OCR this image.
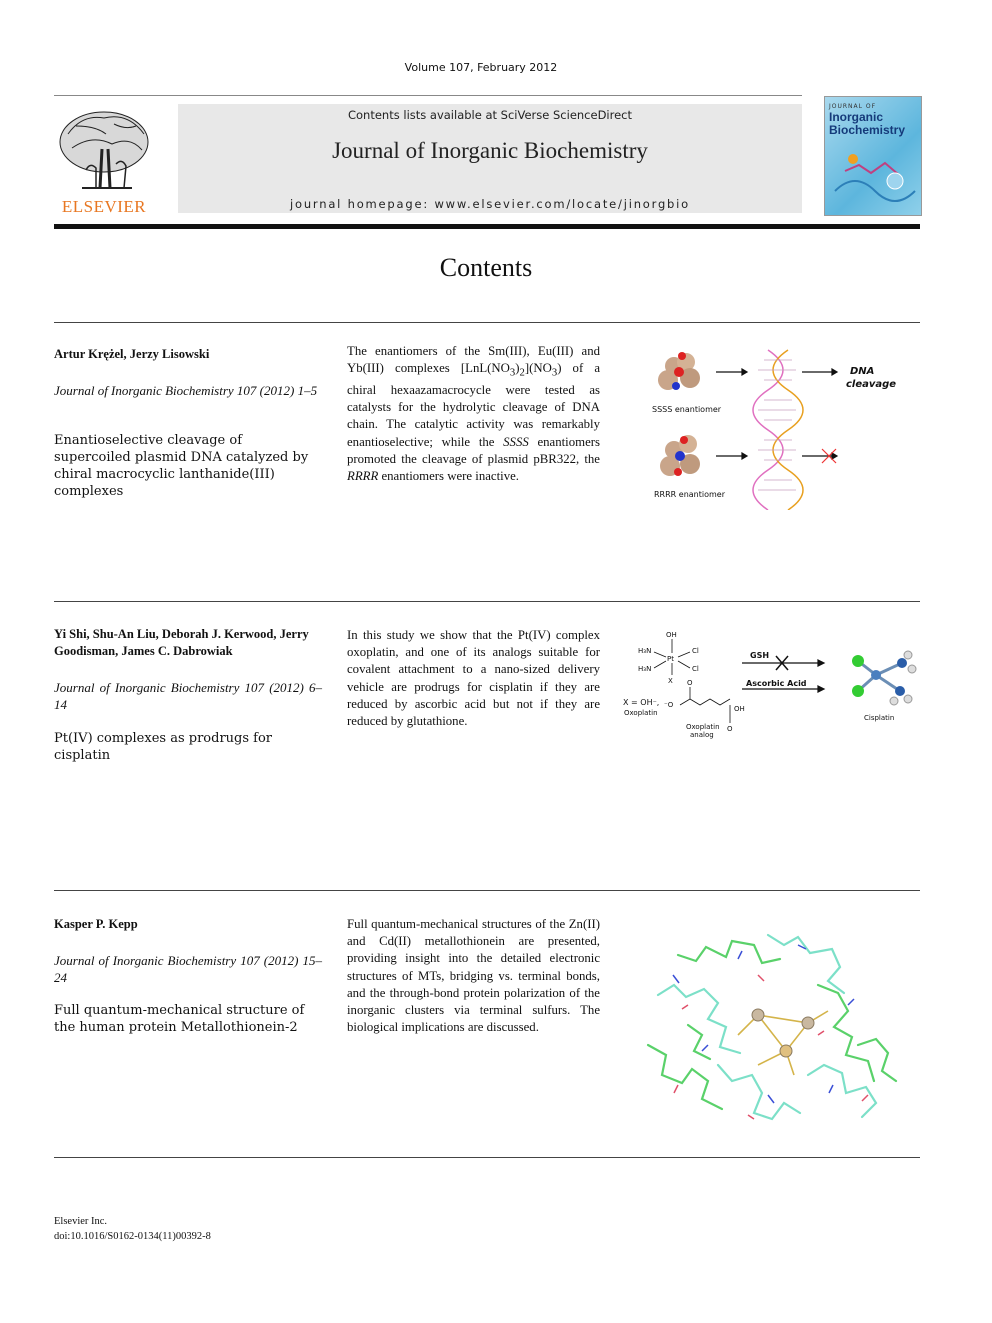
Volume 107, February 2012
ELSEVIER
Contents lists available at SciVerse ScienceDirect
Journal of Inorganic Biochemistry
journal homepage: www.elsevier.com/locate/jinorgbio
JOURNAL OF
Inorganic
Biochemistry
Contents
Artur Krężel, Jerzy Lisowski
Journal of Inorganic Biochemistry 107 (2012) 1–5
Enantioselective cleavage of supercoiled plasmid DNA catalyzed by chiral macrocyclic lanthanide(III) complexes
The enantiomers of the Sm(III), Eu(III) and Yb(III) complexes $[LnL(NO_3)_2](NO_3)$ of a chiral hexaazamacrocycle were tested as catalysts for the hydrolytic cleavage of DNA chain. The catalytic activity was remarkably enantioselective; while the SSSS enantiomers promoted the cleavage of plasmid pBR322, the RRRR enantiomers were inactive.
SSSS enantiomer
RRRR enantiomer
DNA
cleavage
Yi Shi, Shu-An Liu, Deborah J. Kerwood, Jerry Goodisman, James C. Dabrowiak
Journal of Inorganic Biochemistry 107 (2012) 6–14
Pt(IV) complexes as prodrugs for cisplatin
In this study we show that the Pt(IV) complex oxoplatin, and one of its analogs suitable for covalent attachment to a nano-sized delivery vehicle are prodrugs for cisplatin if they are reduced by ascorbic acid but not if they are reduced by glutathione.
OH
H₃N
H₃N
Pt
Cl
Cl
X
X = OH⁻,
Oxoplatin
⁻O
O
OH
O
Oxoplatin
analog
GSH
Ascorbic Acid
Cisplatin
Kasper P. Kepp
Journal of Inorganic Biochemistry 107 (2012) 15–24
Full quantum-mechanical structure of the human protein Metallothionein-2
Full quantum-mechanical structures of the Zn(II) and Cd(II) metallothionein are presented, providing insight into the detailed electronic structures of MTs, bridging vs. terminal bonds, and the through-bond protein polarization of the inorganic clusters via terminal sulfurs. The biological implications are discussed.
Elsevier Inc.
doi:10.1016/S0162-0134(11)00392-8
